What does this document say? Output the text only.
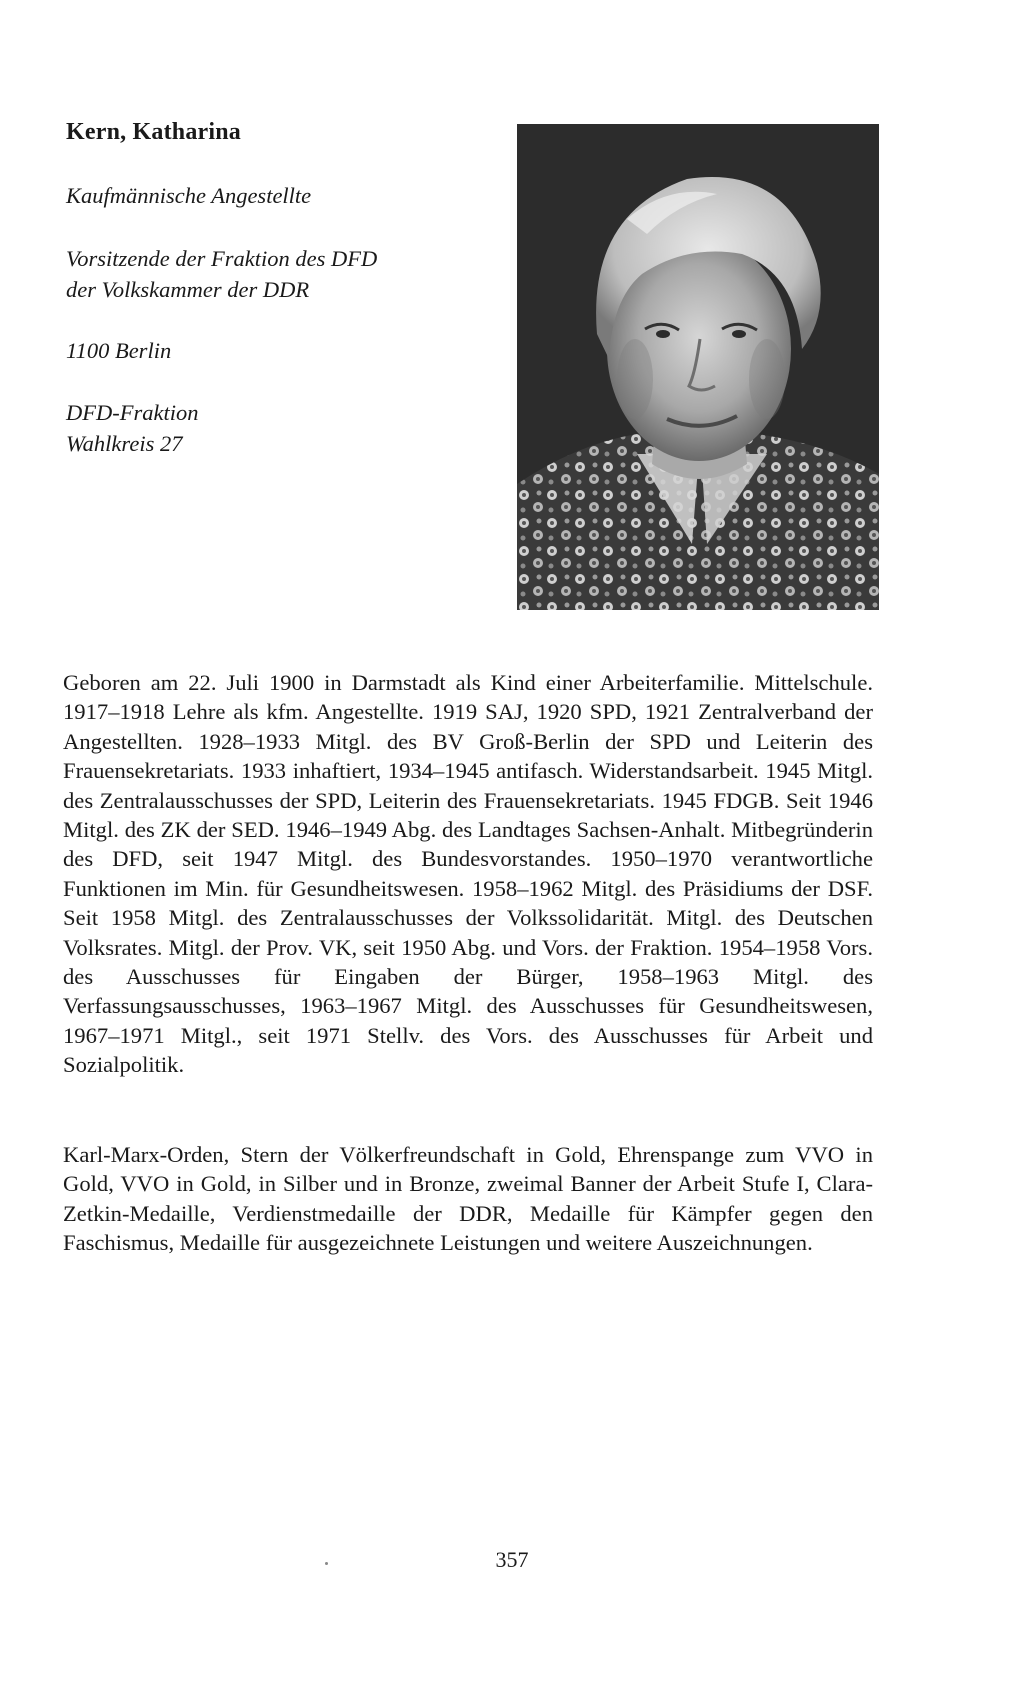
Kern, Katharina
Kaufmännische Angestellte
Vorsitzende der Fraktion des DFD
der Volkskammer der DDR
1100 Berlin
DFD-Fraktion
Wahlkreis 27

Geboren am 22. Juli 1900 in Darmstadt als Kind einer Arbeiterfamilie. Mittelschule. 1917–1918 Lehre als kfm. Angestellte. 1919 SAJ, 1920 SPD, 1921 Zentralverband der Angestellten. 1928–1933 Mitgl. des BV Groß-Berlin der SPD und Leiterin des Frauensekretariats. 1933 inhaftiert, 1934–1945 antifasch. Widerstandsarbeit. 1945 Mitgl. des Zentralausschusses der SPD, Leiterin des Frauensekretariats. 1945 FDGB. Seit 1946 Mitgl. des ZK der SED. 1946–1949 Abg. des Landtages Sachsen-Anhalt. Mitbegründerin des DFD, seit 1947 Mitgl. des Bundesvorstandes. 1950–1970 verantwortliche Funktionen im Min. für Gesundheitswesen. 1958–1962 Mitgl. des Präsidiums der DSF. Seit 1958 Mitgl. des Zentralausschusses der Volkssolidarität. Mitgl. des Deutschen Volksrates. Mitgl. der Prov. VK, seit 1950 Abg. und Vors. der Fraktion. 1954–1958 Vors. des Ausschusses für Eingaben der Bürger, 1958–1963 Mitgl. des Verfassungsausschusses, 1963–1967 Mitgl. des Ausschusses für Gesundheitswesen, 1967–1971 Mitgl., seit 1971 Stellv. des Vors. des Ausschusses für Arbeit und Sozialpolitik.

Karl-Marx-Orden, Stern der Völkerfreundschaft in Gold, Ehrenspange zum VVO in Gold, VVO in Gold, in Silber und in Bronze, zweimal Banner der Arbeit Stufe I, Clara-Zetkin-Medaille, Verdienstmedaille der DDR, Medaille für Kämpfer gegen den Faschismus, Medaille für ausgezeichnete Leistungen und weitere Auszeichnungen.

357
